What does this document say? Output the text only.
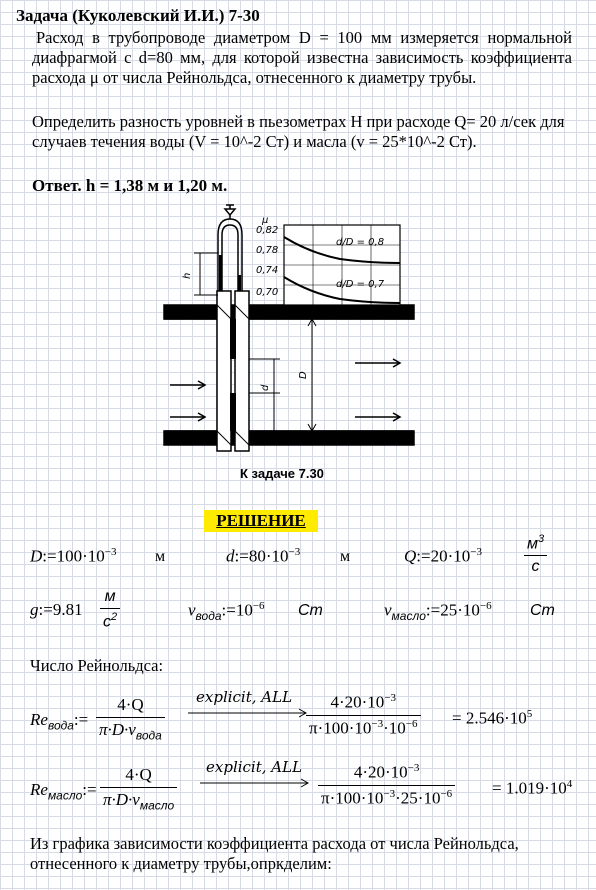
Задача (Куколевский И.И.) 7-30
Расход в трубопроводе диаметром D = 100 мм измеряется нормальной диафрагмой с d=80 мм, для которой известна зависимость коэффициента расхода μ от числа Рейнольдса, отнесенного к диаметру трубы.
Определить разность уровней в пьезометрах H при расходе Q= 20 л/сек для случаев течения воды (V = 10^-2 Ст) и масла (v = 25*10^-2 Ст).
Ответ. h = 1,38 м и 1,20 м.
h
d
D
μ
0,82
0,78
0,74
0,70
10⁴	10⁵ 10⁶ Re
d/D = 0,8
d/D = 0,7
К задаче 7.30
РЕШЕНИЕ
$D:=100\cdot 10^{-3}$ м	$d:=80\cdot 10^{-3}$ м	$Q:=20\cdot 10^{-3}$	$\frac{м^3}{с}$
g:=9.81 $\frac{м}{с^2}$	$\nu_{вода}:=10^{-6}$ Cm	$\nu_{масло}:=25\cdot 10^{-6}$ Cm
Число Рейнольдса:
$Re_{вода}:= \frac{4\cdot Q}{\pi\cdot D\cdot\nu_{вода}}$ explicit, ALL $\frac{4\cdot 20\cdot 10^{-3}}{\pi\cdot 100\cdot 10^{-3}\cdot 10^{-6}} = 2.546\cdot 10^5$
$Re_{масло}:= \frac{4\cdot Q}{\pi\cdot D\cdot\nu_{масло}}$ explicit, ALL $\frac{4\cdot 20\cdot 10^{-3}}{\pi\cdot 100\cdot 10^{-3}\cdot 25\cdot 10^{-6}} = 1.019\cdot 10^4$
Из графика зависимости коэффициента расхода от числа Рейнольдса, отнесенного к диаметру трубы,опркделим:
